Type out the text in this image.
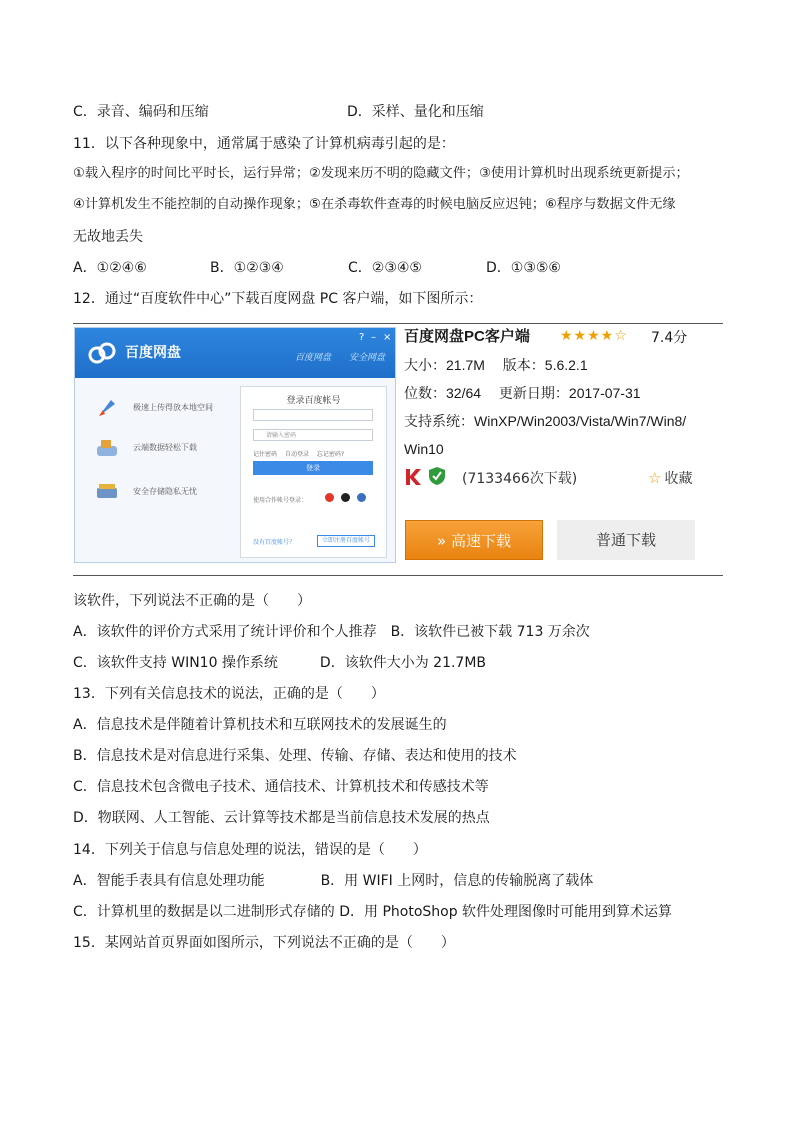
C．录音、编码和压缩	D．采样、量化和压缩
11．以下各种现象中，通常属于感染了计算机病毒引起的是：
①载入程序的时间比平时长，运行异常；②发现来历不明的隐藏文件；③使用计算机时出现系统更新提示；
④计算机发生不能控制的自动操作现象；⑤在杀毒软件查毒的时候电脑反应迟钝；⑥程序与数据文件无缘
无故地丢失
A．①②④⑥	B．①②③④	C．②③④⑤	D．①③⑤⑥
12．通过“百度软件中心”下载百度网盘 PC 客户端，如下图所示：
百度网盘	百度网盘　　安全网盘
? – ×
极速上传得放本地空间
云端数据轻松下载
安全存储隐私无忧
登录百度帐号
请输入密码
记住密码 自动登录 忘记密码?
登录
使用合作帐号登录：
没有百度帐号？	立即注册百度帐号
百度网盘PC客户端 ★★★★☆ 7.4分
大小：21.7M　 版本：5.6.2.1
位数：32/64　 更新日期：2017-07-31
支持系统：WinXP/Win2003/Vista/Win7/Win8/
Win10
(7133466次下载)	☆ 收藏
» 高速下载	普通下载
该软件，下列说法不正确的是（　　）
A．该软件的评价方式采用了统计评价和个人推荐　B．该软件已被下载 713 万余次
C．该软件支持 WIN10 操作系统　　　D．该软件大小为 21.7MB
13．下列有关信息技术的说法，正确的是（　　）
A．信息技术是伴随着计算机技术和互联网技术的发展诞生的
B．信息技术是对信息进行采集、处理、传输、存储、表达和使用的技术
C．信息技术包含微电子技术、通信技术、计算机技术和传感技术等
D．物联网、人工智能、云计算等技术都是当前信息技术发展的热点
14．下列关于信息与信息处理的说法，错误的是（　　）
A．智能手表具有信息处理功能　　　　B．用 WIFI 上网时，信息的传输脱离了载体
C．计算机里的数据是以二进制形式存储的 D．用 PhotoShop 软件处理图像时可能用到算术运算
15．某网站首页界面如图所示，下列说法不正确的是（　　）
